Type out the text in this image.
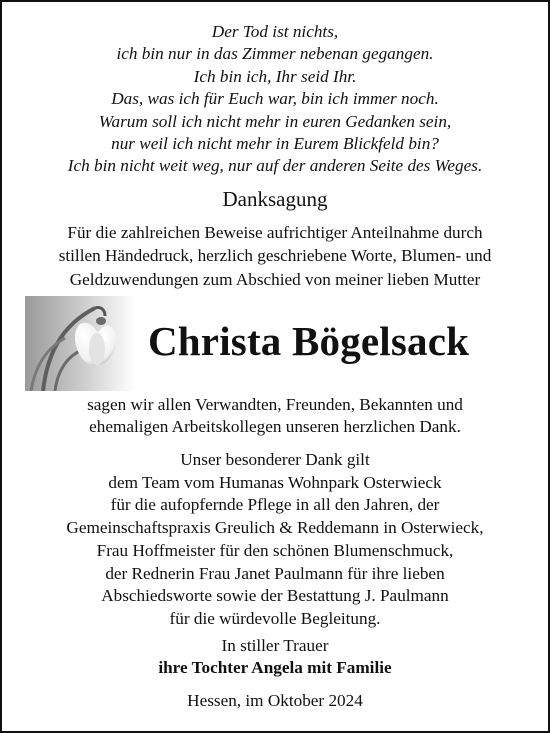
Der Tod ist nichts,
ich bin nur in das Zimmer nebenan gegangen.
Ich bin ich, Ihr seid Ihr.
Das, was ich für Euch war, bin ich immer noch.
Warum soll ich nicht mehr in euren Gedanken sein,
nur weil ich nicht mehr in Eurem Blickfeld bin?
Ich bin nicht weit weg, nur auf der anderen Seite des Weges.
Danksagung
Für die zahlreichen Beweise aufrichtiger Anteilnahme durch
stillen Händedruck, herzlich geschriebene Worte, Blumen- und
Geldzuwendungen zum Abschied von meiner lieben Mutter
Christa Bögelsack
sagen wir allen Verwandten, Freunden, Bekannten und
ehemaligen Arbeitskollegen unseren herzlichen Dank.
Unser besonderer Dank gilt
dem Team vom Humanas Wohnpark Osterwieck
für die aufopfernde Pflege in all den Jahren, der
Gemeinschaftspraxis Greulich & Reddemann in Osterwieck,
Frau Hoffmeister für den schönen Blumenschmuck,
der Rednerin Frau Janet Paulmann für ihre lieben
Abschiedsworte sowie der Bestattung J. Paulmann
für die würdevolle Begleitung.
In stiller Trauer
ihre Tochter Angela mit Familie
Hessen, im Oktober 2024
